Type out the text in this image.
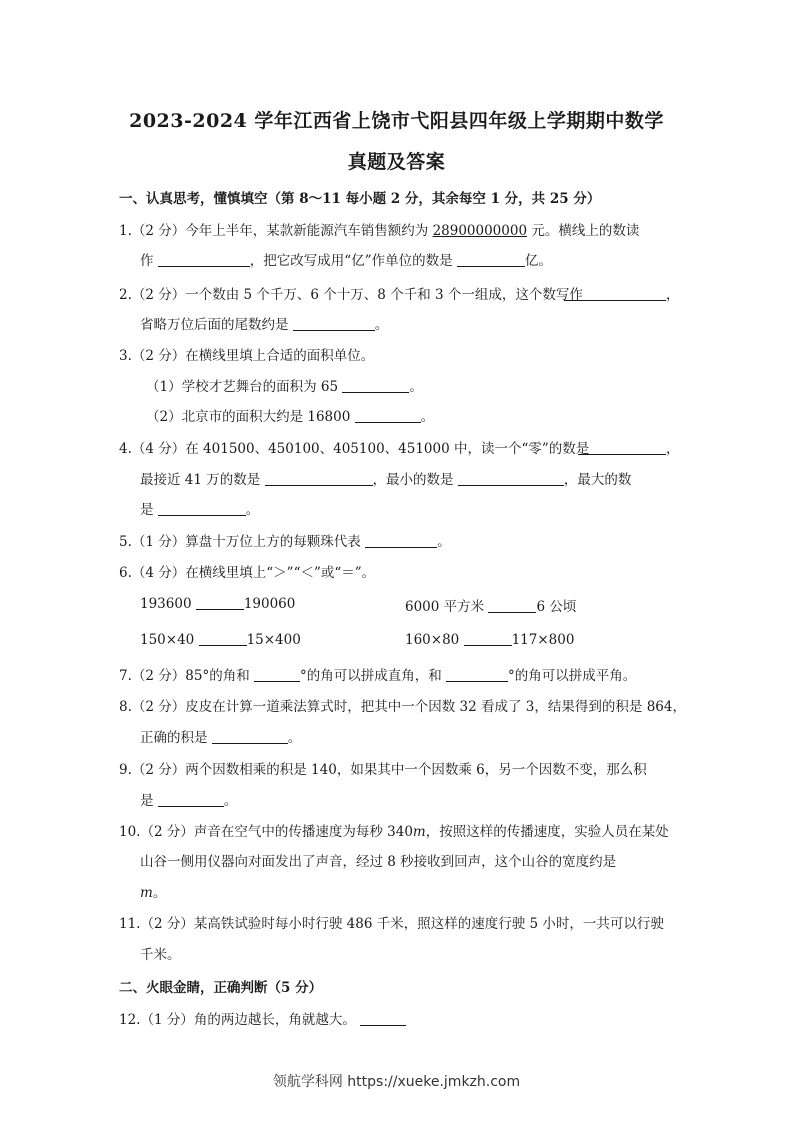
2023-2024 学年江西省上饶市弋阳县四年级上学期期中数学
真题及答案
一、认真思考，懂慎填空（第 8～11 每小题 2 分，其余每空 1 分，共 25 分）
1.（2 分）今年上半年，某款新能源汽车销售额约为 28900000000 元。横线上的数读
作	，把它改写成用“亿”作单位的数是	亿。
2.（2 分）一个数由 5 个千万、6 个十万、8 个千和 3 个一组成，这个数写作	，
省略万位后面的尾数约是	。
3.（2 分）在横线里填上合适的面积单位。
（1）学校才艺舞台的面积为 65	。
（2）北京市的面积大约是 16800	。
4.（4 分）在 401500、450100、405100、451000 中，读一个“零”的数是	，
最接近 41 万的数是	，最小的数是	，最大的数
是	。
5.（1 分）算盘十万位上方的每颗珠代表	。
6.（4 分）在横线里填上“＞”“＜”或“＝”。
193600	190060	6000 平方米	6 公顷
150×40	15×400	160×80	117×800
7.（2 分）85°的角和	°的角可以拼成直角，和	°的角可以拼成平角。
8.（2 分）皮皮在计算一道乘法算式时，把其中一个因数 32 看成了 3，结果得到的积是 864，
正确的积是	。
9.（2 分）两个因数相乘的积是 140，如果其中一个因数乘 6，另一个因数不变，那么积
是	。
10.（2 分）声音在空气中的传播速度为每秒 340m，按照这样的传播速度，实验人员在某处
山谷一侧用仪器向对面发出了声音，经过 8 秒接收到回声，这个山谷的宽度约是
m。
11.（2 分）某高铁试验时每小时行驶 486 千米，照这样的速度行驶 5 小时，一共可以行驶
千米。
二、火眼金睛，正确判断（5 分）
12.（1 分）角的两边越长，角就越大。
领航学科网 https://xueke.jmkzh.com
